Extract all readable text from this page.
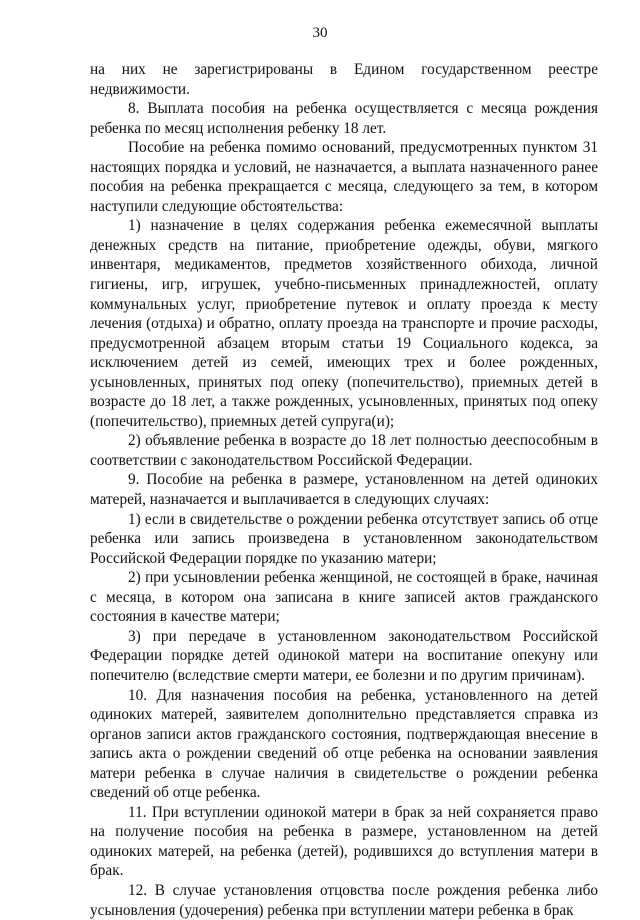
30

на них не зарегистрированы в Едином государственном реестре недвижимости.

8. Выплата пособия на ребенка осуществляется с месяца рождения ребенка по месяц исполнения ребенку 18 лет.

Пособие на ребенка помимо оснований, предусмотренных пунктом 31 настоящих порядка и условий, не назначается, а выплата назначенного ранее пособия на ребенка прекращается с месяца, следующего за тем, в котором наступили следующие обстоятельства:

1) назначение в целях содержания ребенка ежемесячной выплаты денежных средств на питание, приобретение одежды, обуви, мягкого инвентаря, медикаментов, предметов хозяйственного обихода, личной гигиены, игр, игрушек, учебно-письменных принадлежностей, оплату коммунальных услуг, приобретение путевок и оплату проезда к месту лечения (отдыха) и обратно, оплату проезда на транспорте и прочие расходы, предусмотренной абзацем вторым статьи 19 Социального кодекса, за исключением детей из семей, имеющих трех и более рожденных, усыновленных, принятых под опеку (попечительство), приемных детей в возрасте до 18 лет, а также рожденных, усыновленных, принятых под опеку (попечительство), приемных детей супруга(и);

2) объявление ребенка в возрасте до 18 лет полностью дееспособным в соответствии с законодательством Российской Федерации.

9. Пособие на ребенка в размере, установленном на детей одиноких матерей, назначается и выплачивается в следующих случаях:

1) если в свидетельстве о рождении ребенка отсутствует запись об отце ребенка или запись произведена в установленном законодательством Российской Федерации порядке по указанию матери;

2) при усыновлении ребенка женщиной, не состоящей в браке, начиная с месяца, в котором она записана в книге записей актов гражданского состояния в качестве матери;

3) при передаче в установленном законодательством Российской Федерации порядке детей одинокой матери на воспитание опекуну или попечителю (вследствие смерти матери, ее болезни и по другим причинам).

10. Для назначения пособия на ребенка, установленного на детей одиноких матерей, заявителем дополнительно представляется справка из органов записи актов гражданского состояния, подтверждающая внесение в запись акта о рождении сведений об отце ребенка на основании заявления матери ребенка в случае наличия в свидетельстве о рождении ребенка сведений об отце ребенка.

11. При вступлении одинокой матери в брак за ней сохраняется право на получение пособия на ребенка в размере, установленном на детей одиноких матерей, на ребенка (детей), родившихся до вступления матери в брак.

12. В случае установления отцовства после рождения ребенка либо усыновления (удочерения) ребенка при вступлении матери ребенка в брак
